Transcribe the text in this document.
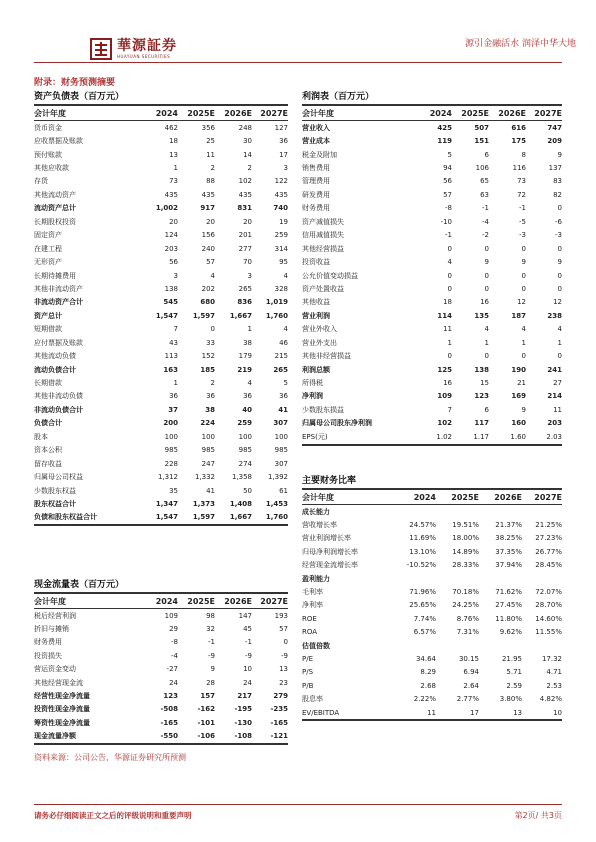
華源証券
HUAYUAN SECURITIES
源引金融活水 润泽中华大地
附录：财务预测摘要
资产负债表（百万元）
会计年度	2024	2025E	2026E	2027E
货币资金	462	356	248	127
应收票据及账款	18	25	30	36
预付账款	13	11	14	17
其他应收款	1	2	2	3
存货	73	88	102	122
其他流动资产	435	435	435	435
流动资产总计	1,002	917	831	740
长期股权投资	20	20	20	19
固定资产	124	156	201	259
在建工程	203	240	277	314
无形资产	56	57	70	95
长期待摊费用	3	4	3	4
其他非流动资产	138	202	265	328
非流动资产合计	545	680	836	1,019
资产总计	1,547	1,597	1,667	1,760
短期借款	7	0	1	4
应付票据及账款	43	33	38	46
其他流动负债	113	152	179	215
流动负债合计	163	185	219	265
长期借款	1	2	4	5
其他非流动负债	36	36	36	36
非流动负债合计	37	38	40	41
负债合计	200	224	259	307
股本	100	100	100	100
资本公积	985	985	985	985
留存收益	228	247	274	307
归属母公司权益	1,312	1,332	1,358	1,392
少数股东权益	35	41	50	61
股东权益合计	1,347	1,373	1,408	1,453
负债和股东权益合计	1,547	1,597	1,667	1,760
利润表（百万元）
会计年度	2024	2025E	2026E	2027E
营业收入	425	507	616	747
营业成本	119	151	175	209
税金及附加	5	6	8	9
销售费用	94	106	116	137
管理费用	56	65	73	83
研发费用	57	63	72	82
财务费用	-8	-1	-1	0
资产减值损失	-10	-4	-5	-6
信用减值损失	-1	-2	-3	-3
其他经营损益	0	0	0	0
投资收益	4	9	9	9
公允价值变动损益	0	0	0	0
资产处置收益	0	0	0	0
其他收益	18	16	12	12
营业利润	114	135	187	238
营业外收入	11	4	4	4
营业外支出	1	1	1	1
其他非经营损益	0	0	0	0
利润总额	125	138	190	241
所得税	16	15	21	27
净利润	109	123	169	214
少数股东损益	7	6	9	11
归属母公司股东净利润	102	117	160	203
EPS(元)	1.02	1.17	1.60	2.03
主要财务比率
会计年度	2024	2025E	2026E	2027E
成长能力
营收增长率	24.57%	19.51%	21.37%	21.25%
营业利润增长率	11.69%	18.00%	38.25%	27.23%
归母净利润增长率	13.10%	14.89%	37.35%	26.77%
经营现金流增长率	-10.52%	28.33%	37.94%	28.45%
盈利能力
毛利率	71.96%	70.18%	71.62%	72.07%
净利率	25.65%	24.25%	27.45%	28.70%
ROE	7.74%	8.76%	11.80%	14.60%
ROA	6.57%	7.31%	9.62%	11.55%
估值倍数
P/E	34.64	30.15	21.95	17.32
P/S	8.29	6.94	5.71	4.71
P/B	2.68	2.64	2.59	2.53
股息率	2.22%	2.77%	3.80%	4.82%
EV/EBITDA	11	17	13	10
现金流量表（百万元）
会计年度	2024	2025E	2026E	2027E
税后经营利润	109	98	147	193
折旧与摊销	29	32	45	57
财务费用	-8	-1	-1	0
投资损失	-4	-9	-9	-9
营运资金变动	-27	9	10	13
其他经营现金流	24	28	24	23
经营性现金净流量	123	157	217	279
投资性现金净流量	-508	-162	-195	-235
筹资性现金净流量	-165	-101	-130	-165
现金流量净额	-550	-106	-108	-121
资料来源：公司公告，华源证券研究所预测
请务必仔细阅读正文之后的评级说明和重要声明	第2页/ 共3页
